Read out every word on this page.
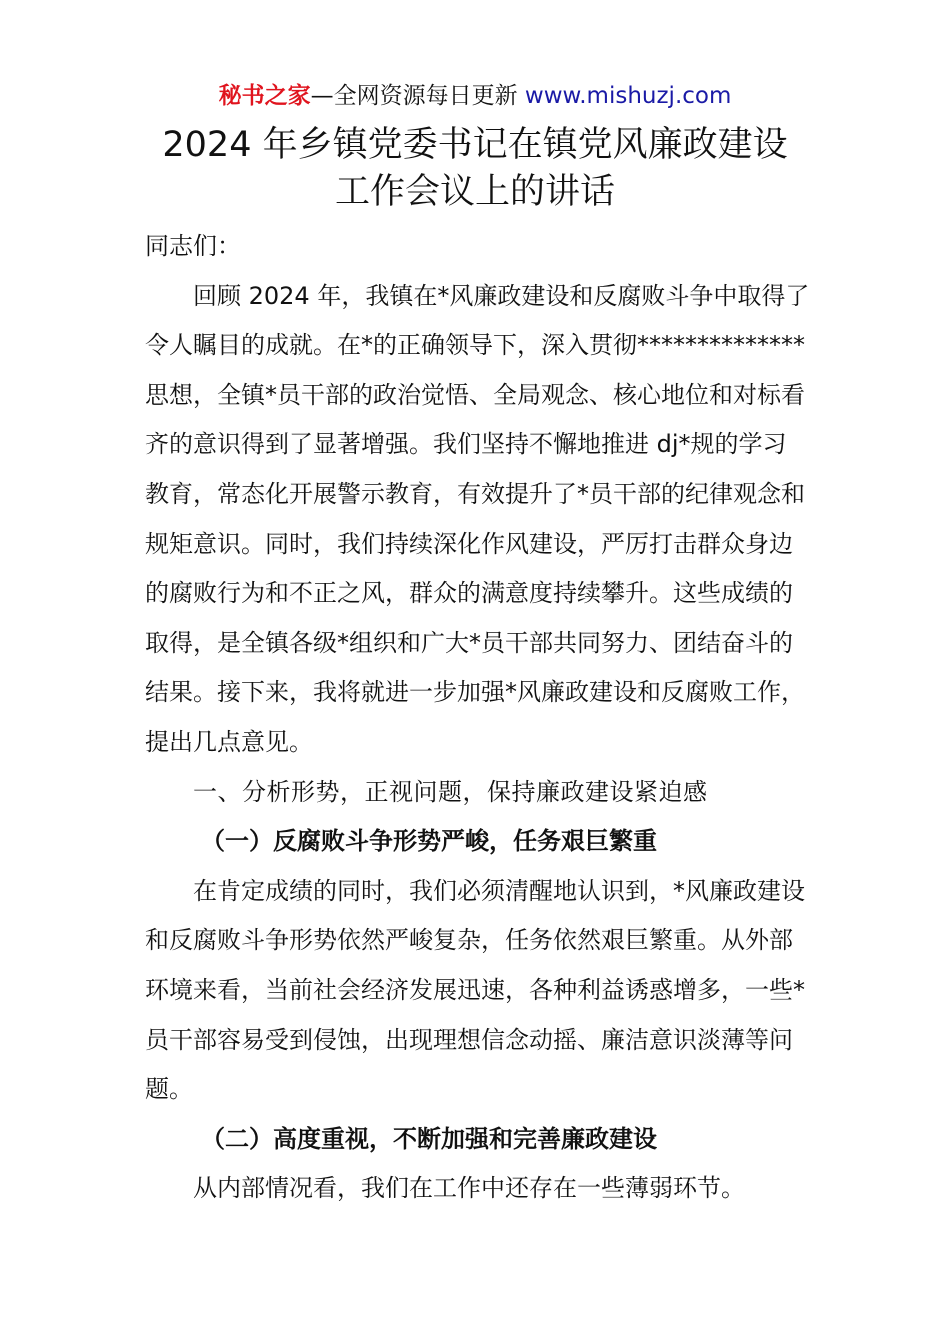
秘书之家—全网资源每日更新 www.mishuzj.com
2024 年乡镇党委书记在镇党风廉政建设
工作会议上的讲话

同志们：

回顾 2024 年，我镇在*风廉政建设和反腐败斗争中取得了令人瞩目的成就。在*的正确领导下，深入贯彻**************思想，全镇*员干部的政治觉悟、全局观念、核心地位和对标看齐的意识得到了显著增强。我们坚持不懈地推进 dj*规的学习教育，常态化开展警示教育，有效提升了*员干部的纪律观念和规矩意识。同时，我们持续深化作风建设，严厉打击群众身边的腐败行为和不正之风，群众的满意度持续攀升。这些成绩的取得，是全镇各级*组织和广大*员干部共同努力、团结奋斗的结果。接下来，我将就进一步加强*风廉政建设和反腐败工作，提出几点意见。

一、分析形势，正视问题，保持廉政建设紧迫感

（一）反腐败斗争形势严峻，任务艰巨繁重

在肯定成绩的同时，我们必须清醒地认识到，*风廉政建设和反腐败斗争形势依然严峻复杂，任务依然艰巨繁重。从外部环境来看，当前社会经济发展迅速，各种利益诱惑增多，一些*员干部容易受到侵蚀，出现理想信念动摇、廉洁意识淡薄等问题。

（二）高度重视，不断加强和完善廉政建设

从内部情况看，我们在工作中还存在一些薄弱环节。
